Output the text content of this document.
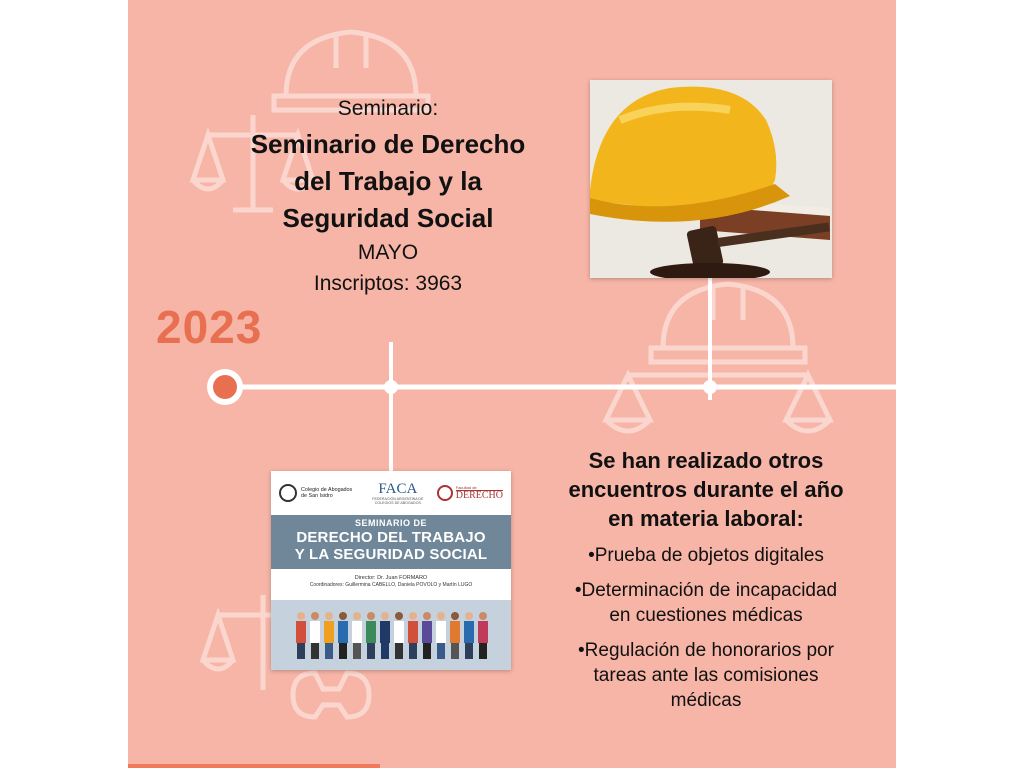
Seminario:
Seminario de Derecho
del Trabajo y la
Seguridad Social
MAYO
Inscriptos: 3963
2023
Colegio de Abogados
de San Isidro	FACA
FEDERACIÓN ARGENTINA DE COLEGIOS DE ABOGADOS
Facultad de
DERECHO
SEMINARIO DE
DERECHO DEL TRABAJO
Y LA SEGURIDAD SOCIAL
Director: Dr. Juan FORMARO
Coordinadores: Guillermina CABELLO, Daniela POVOLO y Martín LUGO
Se han realizado otros
encuentros durante el año
en materia laboral:
•Prueba de objetos digitales
•Determinación de incapacidad
en cuestiones médicas
•Regulación de honorarios por
tareas ante las comisiones
médicas
